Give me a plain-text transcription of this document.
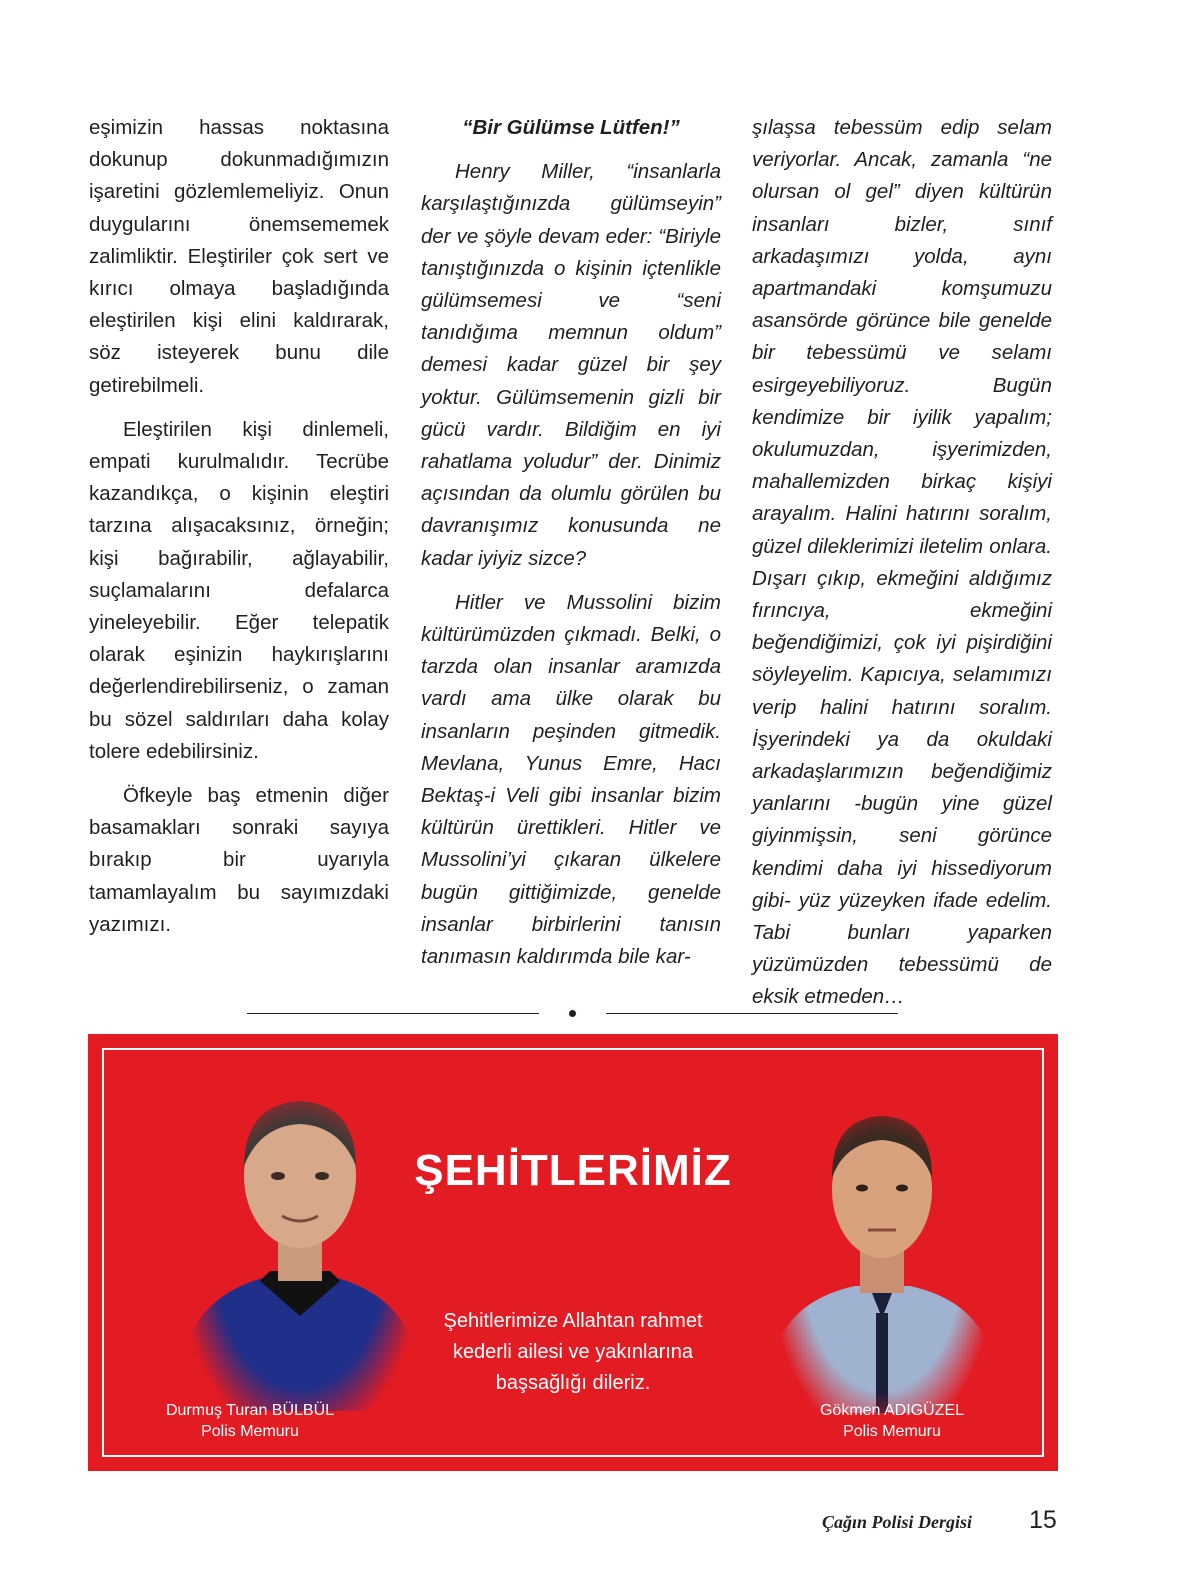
eşimizin hassas noktasına dokunup dokunmadığımızın işaretini gözlemlemeliyiz. Onun duygularını önemsememek zalimliktir. Eleştiriler çok sert ve kırıcı olmaya başladığında eleştirilen kişi elini kaldırarak, söz isteyerek bunu dile getirebilmeli.

Eleştirilen kişi dinlemeli, empati kurulmalıdır. Tecrübe kazandıkça, o kişinin eleştiri tarzına alışacaksınız, örneğin; kişi bağırabilir, ağlayabilir, suçlamalarını defalarca yineleyebilir. Eğer telepatik olarak eşinizin haykırışlarını değerlendirebilirseniz, o zaman bu sözel saldırıları daha kolay tolere edebilirsiniz.

Öfkeyle baş etmenin diğer basamakları sonraki sayıya bırakıp bir uyarıyla tamamlayalım bu sayımızdaki yazımızı.

“Bir Gülümse Lütfen!”

Henry Miller, “insanlarla karşılaştığınızda gülümseyin” der ve şöyle devam eder: “Biriyle tanıştığınızda o kişinin içtenlikle gülümsemesi ve “seni tanıdığıma memnun oldum” demesi kadar güzel bir şey yoktur. Gülümsemenin gizli bir gücü vardır. Bildiğim en iyi rahatlama yoludur” der. Dinimiz açısından da olumlu görülen bu davranışımız konusunda ne kadar iyiyiz sizce?

Hitler ve Mussolini bizim kültürümüzden çıkmadı. Belki, o tarzda olan insanlar aramızda vardı ama ülke olarak bu insanların peşinden gitmedik. Mevlana, Yunus Emre, Hacı Bektaş-i Veli gibi insanlar bizim kültürün ürettikleri. Hitler ve Mussolini’yi çıkaran ülkelere bugün gittiğimizde, genelde insanlar birbirlerini tanısın tanımasın kaldırımda bile kar-

şılaşsa tebessüm edip selam veriyorlar. Ancak, zamanla “ne olursan ol gel” diyen kültürün insanları bizler, sınıf arkadaşımızı yolda, aynı apartmandaki komşumuzu asansörde görünce bile genelde bir tebessümü ve selamı esirgeyebiliyoruz. Bugün kendimize bir iyilik yapalım; okulumuzdan, işyerimizden, mahallemizden birkaç kişiyi arayalım. Halini hatırını soralım, güzel dileklerimizi iletelim onlara. Dışarı çıkıp, ekmeğini aldığımız fırıncıya, ekmeğini beğendiğimizi, çok iyi pişirdiğini söyleyelim. Kapıcıya, selamımızı verip halini hatırını soralım. İşyerindeki ya da okuldaki arkadaşlarımızın beğendiğimiz yanlarını -bugün yine güzel giyinmişsin, seni görünce kendimi daha iyi hissediyorum gibi- yüz yüzeyken ifade edelim. Tabi bunları yaparken yüzümüzden tebessümü de eksik etmeden…

ŞEHİTLERİMİZ
Şehitlerimize Allahtan rahmet
kederli ailesi ve yakınlarına
başsağlığı dileriz.
Durmuş Turan BÜLBÜL
Polis Memuru
Gökmen ADIGÜZEL
Polis Memuru
Çağın Polisi Dergisi 15
